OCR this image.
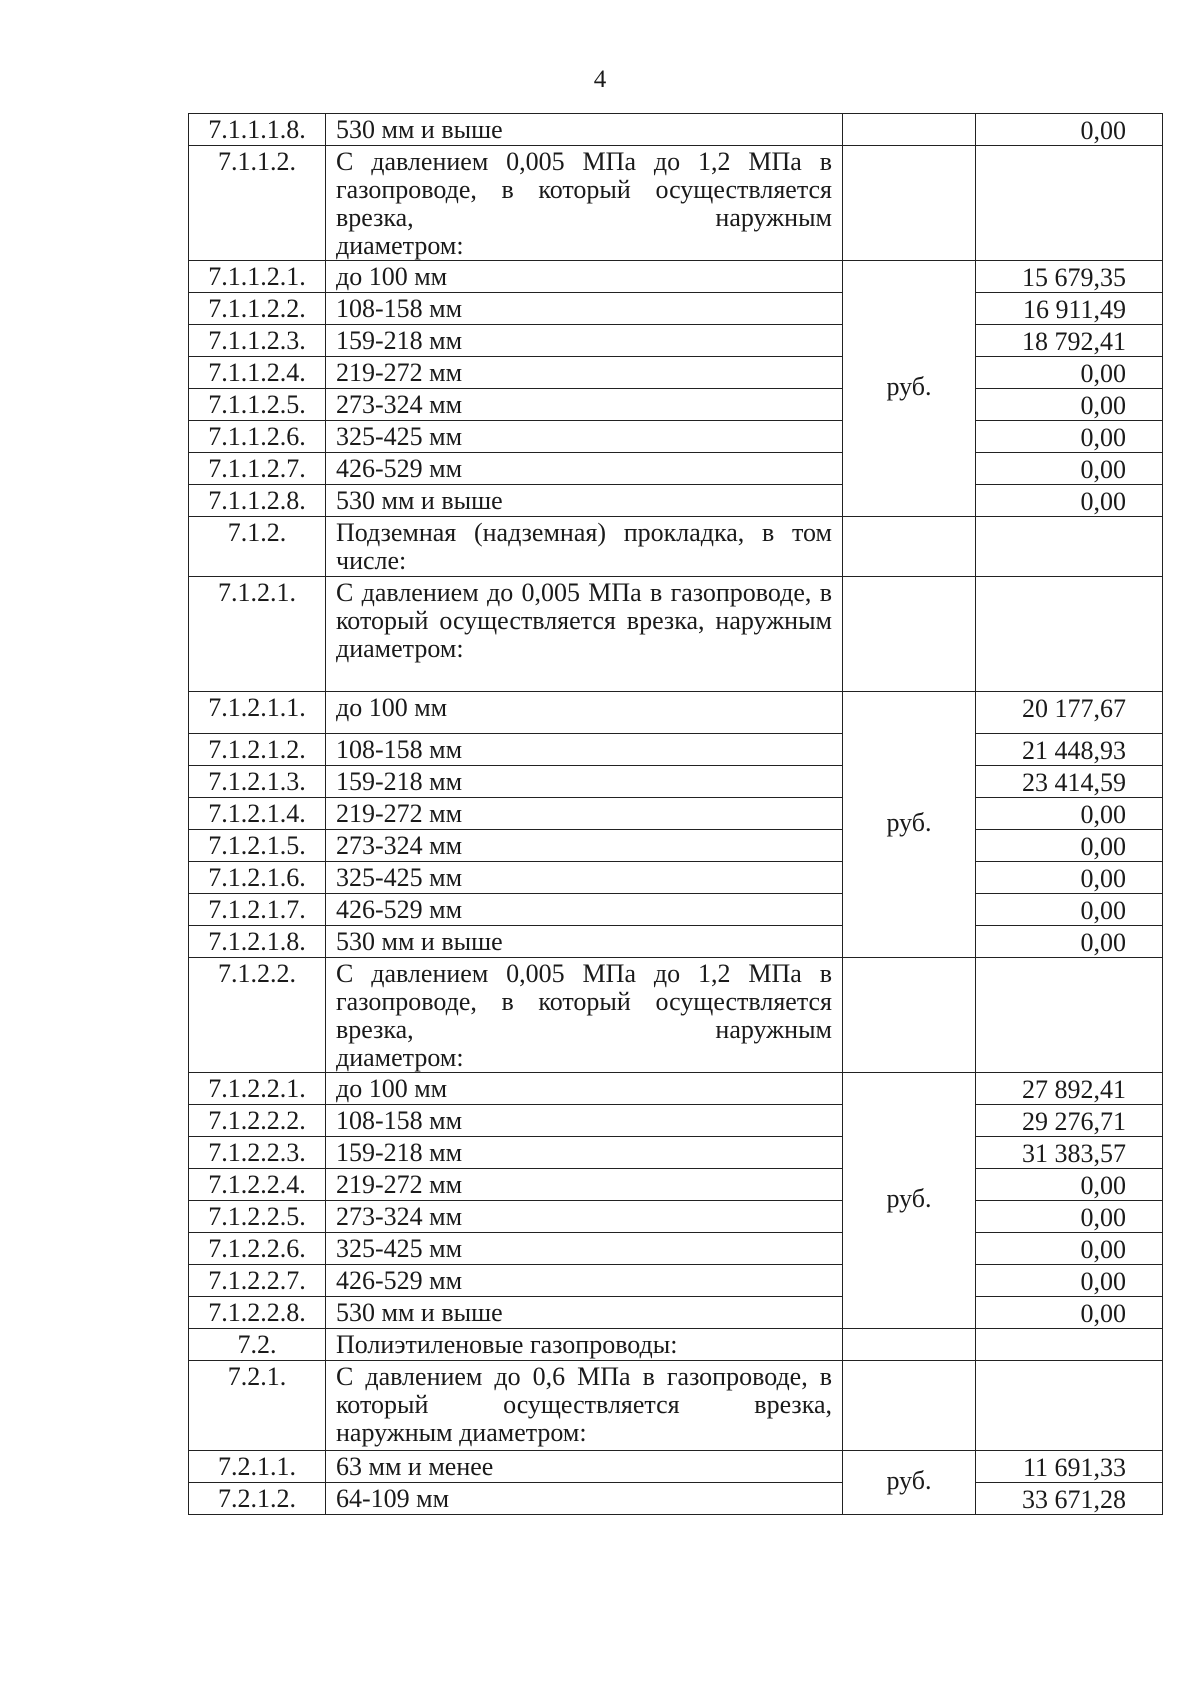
4
7.1.1.1.8.	530 мм и выше		0,00
7.1.1.2.	С давлением 0,005 МПа до 1,2 МПа в газопроводе, в который осуществляется врезка, наружным
диаметром:		

7.1.1.2.1.	до 100 мм	руб.	15 679,35
7.1.1.2.2.	108-158 мм		16 911,49
7.1.1.2.3.	159-218 мм		18 792,41
7.1.1.2.4.	219-272 мм		0,00
7.1.1.2.5.	273-324 мм		0,00
7.1.1.2.6.	325-425 мм		0,00
7.1.1.2.7.	426-529 мм		0,00
7.1.1.2.8.	530 мм и выше		0,00
7.1.2.	Подземная (надземная) прокладка, в том
числе:		

7.1.2.1.	С давлением до 0,005 МПа в газопроводе, в который осуществляется врезка, наружным
диаметром:		

7.1.2.1.1.	до 100 мм	руб.	20 177,67
7.1.2.1.2.	108-158 мм		21 448,93
7.1.2.1.3.	159-218 мм		23 414,59
7.1.2.1.4.	219-272 мм		0,00
7.1.2.1.5.	273-324 мм		0,00
7.1.2.1.6.	325-425 мм		0,00
7.1.2.1.7.	426-529 мм		0,00
7.1.2.1.8.	530 мм и выше		0,00
7.1.2.2.	С давлением 0,005 МПа до 1,2 МПа в газопроводе, в который осуществляется врезка, наружным
диаметром:		

7.1.2.2.1.	до 100 мм	руб.	27 892,41
7.1.2.2.2.	108-158 мм		29 276,71
7.1.2.2.3.	159-218 мм		31 383,57
7.1.2.2.4.	219-272 мм		0,00
7.1.2.2.5.	273-324 мм		0,00
7.1.2.2.6.	325-425 мм		0,00
7.1.2.2.7.	426-529 мм		0,00
7.1.2.2.8.	530 мм и выше		0,00
7.2.	Полиэтиленовые газопроводы:		
7.2.1.	С давлением до 0,6 МПа в газопроводе, в который осуществляется врезка,
наружным диаметром:		

7.2.1.1.	63 мм и менее	руб.	11 691,33
7.2.1.2.	64-109 мм		33 671,28
